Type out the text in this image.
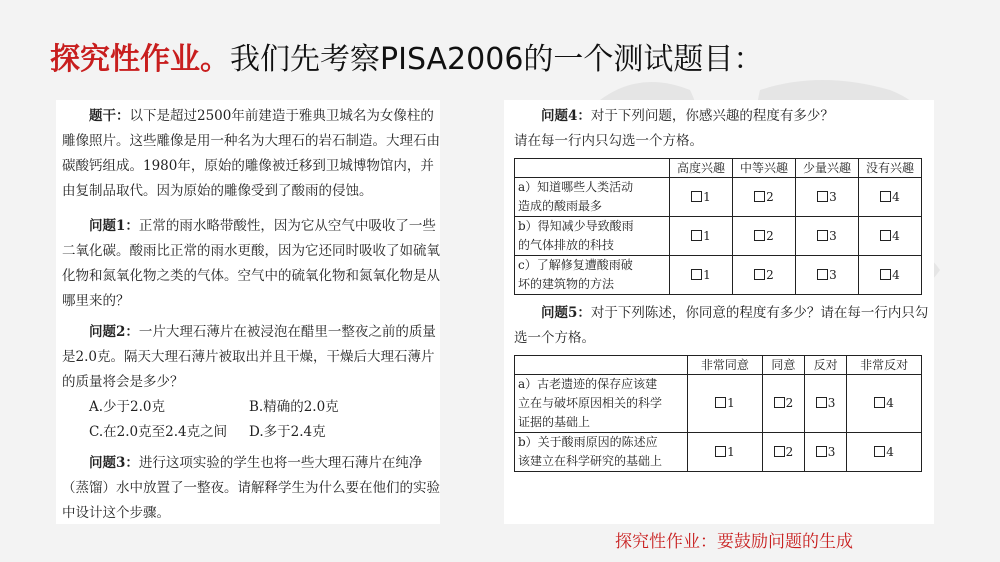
探究性作业。我们先考察PISA2006的一个测试题目：

题干：以下是超过2500年前建造于雅典卫城名为女像柱的雕像照片。这些雕像是用一种名为大理石的岩石制造。大理石由碳酸钙组成。1980年，原始的雕像被迁移到卫城博物馆内，并由复制品取代。因为原始的雕像受到了酸雨的侵蚀。

问题1：正常的雨水略带酸性，因为它从空气中吸收了一些二氧化碳。酸雨比正常的雨水更酸，因为它还同时吸收了如硫氧化物和氮氧化物之类的气体。空气中的硫氧化物和氮氧化物是从哪里来的？

问题2：一片大理石薄片在被浸泡在醋里一整夜之前的质量是2.0克。隔天大理石薄片被取出并且干燥，干燥后大理石薄片的质量将会是多少？

A.少于2.0克	B.精确的2.0克
C.在2.0克至2.4克之间	D.多于2.4克

问题3：进行这项实验的学生也将一些大理石薄片在纯净（蒸馏）水中放置了一整夜。请解释学生为什么要在他们的实验中设计这个步骤。

问题4：对于下列问题，你感兴趣的程度有多少？

请在每一行内只勾选一个方格。

	高度兴趣	中等兴趣	少量兴趣	没有兴趣
a）知道哪些人类活动
造成的酸雨最多	1	2	3	4
b）得知减少导致酸雨
的气体排放的科技	1	2	3	4
c）了解修复遭酸雨破
坏的建筑物的方法	1	2	3	4

问题5：对于下列陈述，你同意的程度有多少？请在每一行内只勾选一个方格。

	非常同意	同意	反对	非常反对
a）古老遗迹的保存应该建
立在与破坏原因相关的科学
证据的基础上	1	2	3	4
b）关于酸雨原因的陈述应
该建立在科学研究的基础上	1	2	3	4
探究性作业：要鼓励问题的生成
